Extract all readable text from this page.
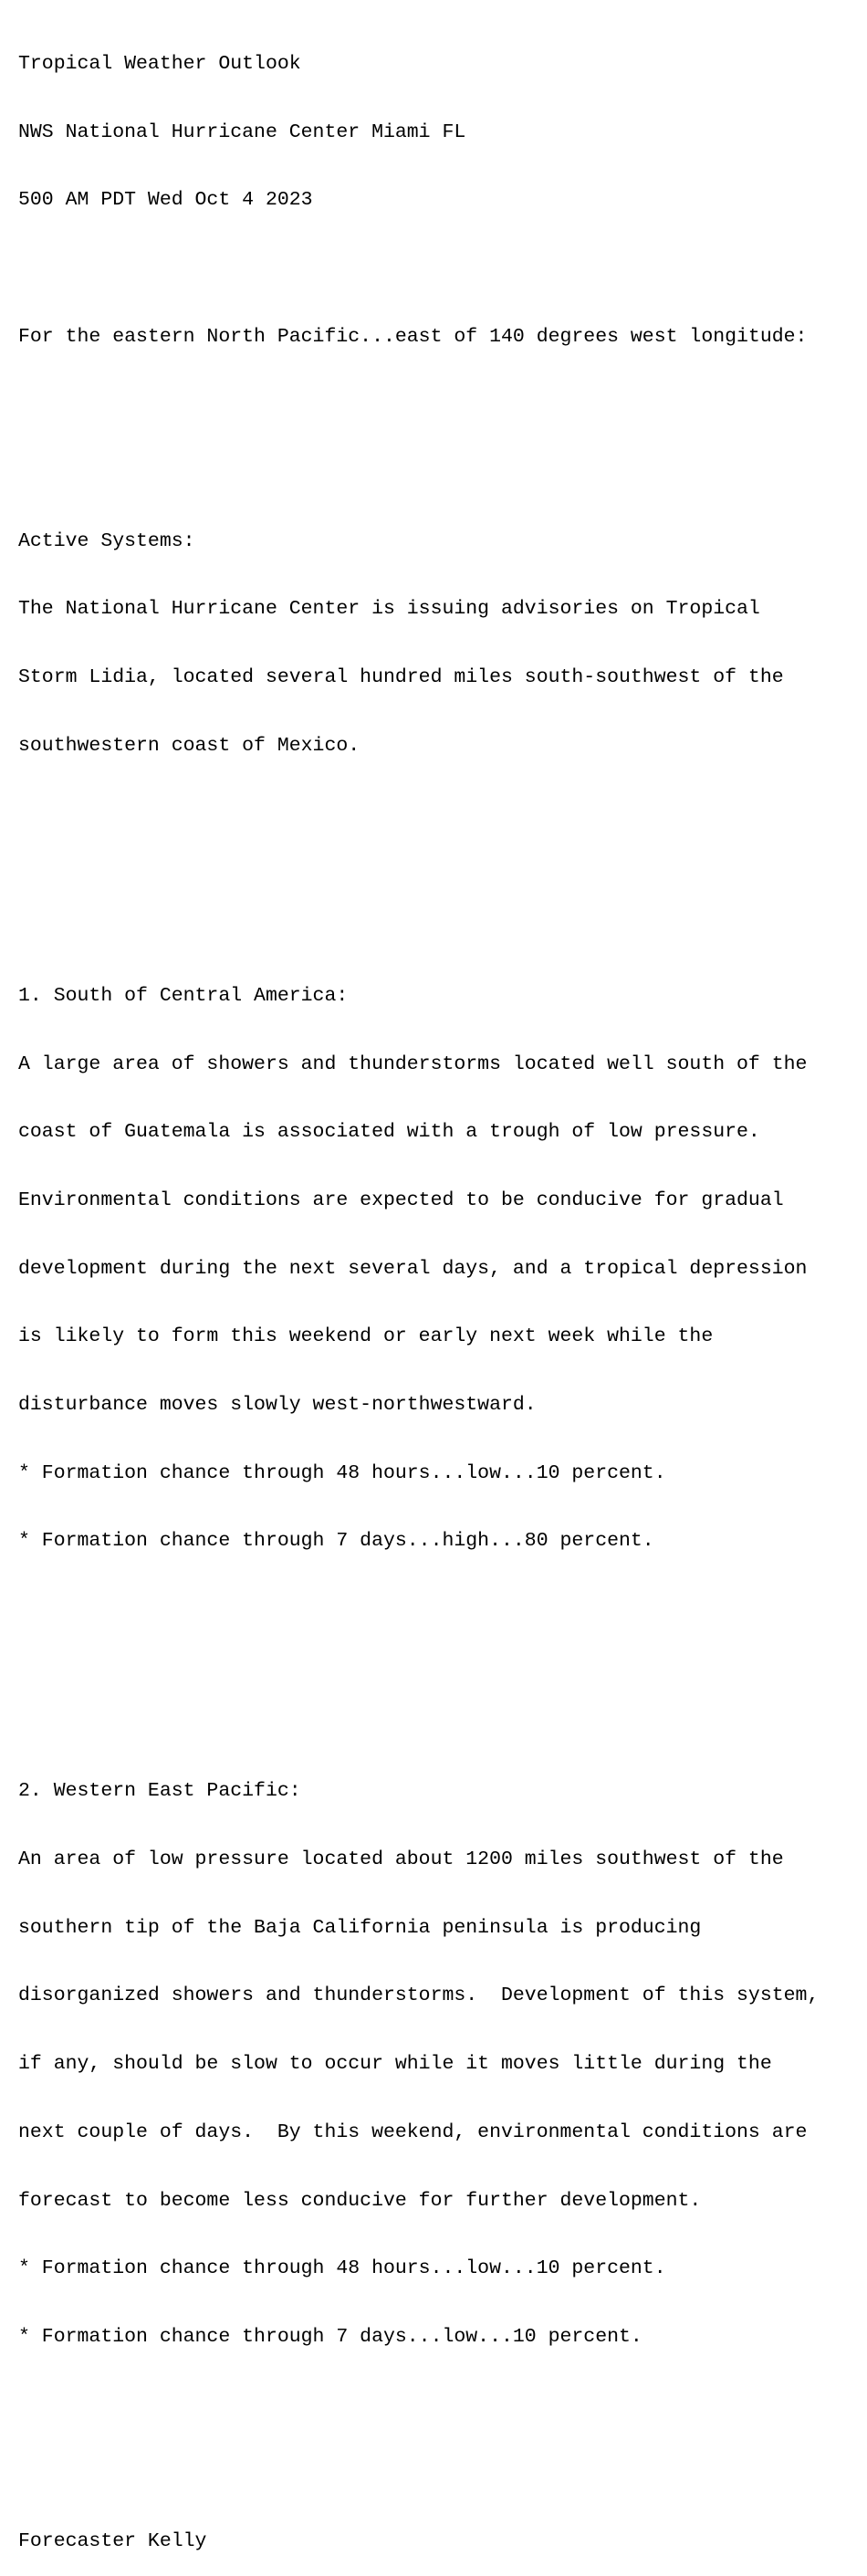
Tropical Weather Outlook

NWS National Hurricane Center Miami FL

500 AM PDT Wed Oct 4 2023

For the eastern North Pacific...east of 140 degrees west longitude:

Active Systems:

The National Hurricane Center is issuing advisories on Tropical

Storm Lidia, located several hundred miles south-southwest of the

southwestern coast of Mexico.

1. South of Central America:

A large area of showers and thunderstorms located well south of the

coast of Guatemala is associated with a trough of low pressure.

Environmental conditions are expected to be conducive for gradual

development during the next several days, and a tropical depression

is likely to form this weekend or early next week while the

disturbance moves slowly west-northwestward.

* Formation chance through 48 hours...low...10 percent.

* Formation chance through 7 days...high...80 percent.

2. Western East Pacific:

An area of low pressure located about 1200 miles southwest of the

southern tip of the Baja California peninsula is producing

disorganized showers and thunderstorms.  Development of this system,

if any, should be slow to occur while it moves little during the

next couple of days.  By this weekend, environmental conditions are

forecast to become less conducive for further development.

* Formation chance through 48 hours...low...10 percent.

* Formation chance through 7 days...low...10 percent.

Forecaster Kelly
